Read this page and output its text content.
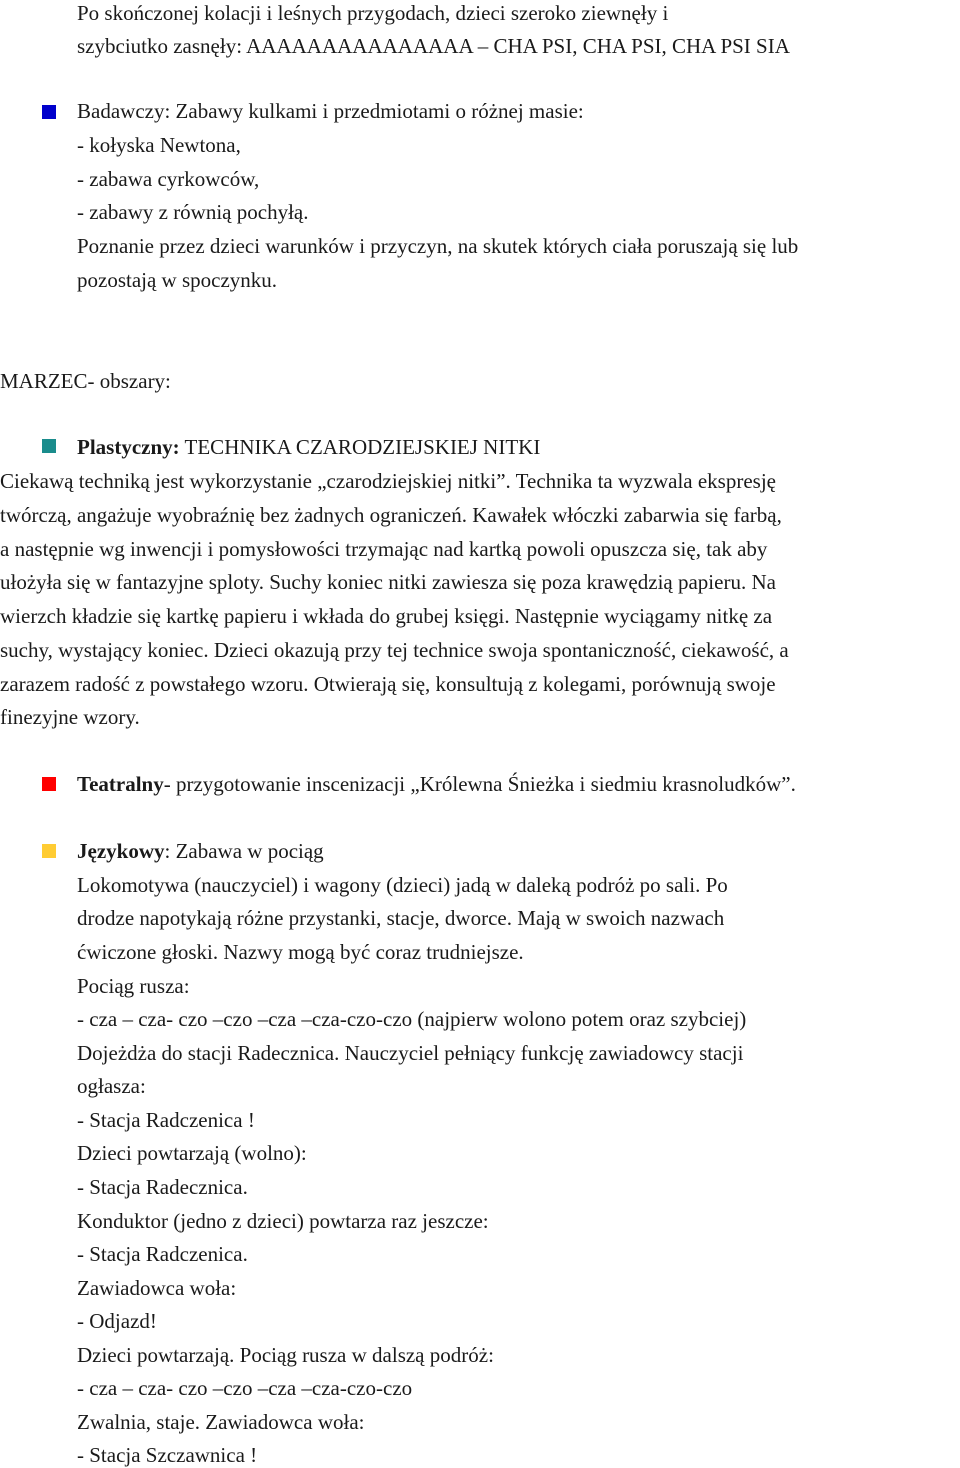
Po skończonej kolacji i leśnych przygodach, dzieci szeroko ziewnęły i
szybciutko zasnęły: AAAAAAAAAAAAAAA – CHA PSI, CHA PSI, CHA PSI SIA
Badawczy: Zabawy kulkami i przedmiotami o różnej masie:
- kołyska Newtona,
- zabawa cyrkowców,
- zabawy z równią pochyłą.
Poznanie przez dzieci warunków i przyczyn, na skutek których ciała poruszają się lub
pozostają w spoczynku.
MARZEC- obszary:
Plastyczny: TECHNIKA CZARODZIEJSKIEJ NITKI
Ciekawą techniką jest wykorzystanie „czarodziejskiej nitki”. Technika ta wyzwala ekspresję
twórczą, angażuje wyobraźnię bez żadnych ograniczeń. Kawałek włóczki zabarwia się farbą,
a następnie wg inwencji i pomysłowości trzymając nad kartką powoli opuszcza się, tak aby
ułożyła się w fantazyjne sploty. Suchy koniec nitki zawiesza się poza krawędzią papieru. Na
wierzch kładzie się kartkę papieru i wkłada do grubej księgi. Następnie wyciągamy nitkę za
suchy, wystający koniec. Dzieci okazują przy tej technice swoja spontaniczność, ciekawość, a
zarazem radość z powstałego wzoru. Otwierają się, konsultują z kolegami, porównują swoje
finezyjne wzory.
Teatralny- przygotowanie inscenizacji „Królewna Śnieżka i siedmiu krasnoludków”.
Językowy: Zabawa w pociąg
Lokomotywa (nauczyciel) i wagony (dzieci) jadą w daleką podróż po sali. Po
drodze napotykają różne przystanki, stacje, dworce. Mają w swoich nazwach
ćwiczone głoski. Nazwy mogą być coraz trudniejsze.
Pociąg rusza:
- cza – cza- czo –czo –cza –cza-czo-czo (najpierw wolono potem oraz szybciej)
Dojeżdża do stacji Radecznica. Nauczyciel pełniący funkcję zawiadowcy stacji
ogłasza:
- Stacja Radczenica !
Dzieci powtarzają (wolno):
- Stacja Radecznica.
Konduktor (jedno z dzieci) powtarza raz jeszcze:
- Stacja Radczenica.
Zawiadowca woła:
- Odjazd!
Dzieci powtarzają. Pociąg rusza w dalszą podróż:
- cza – cza- czo –czo –cza –cza-czo-czo
Zwalnia, staje. Zawiadowca woła:
- Stacja Szczawnica !
